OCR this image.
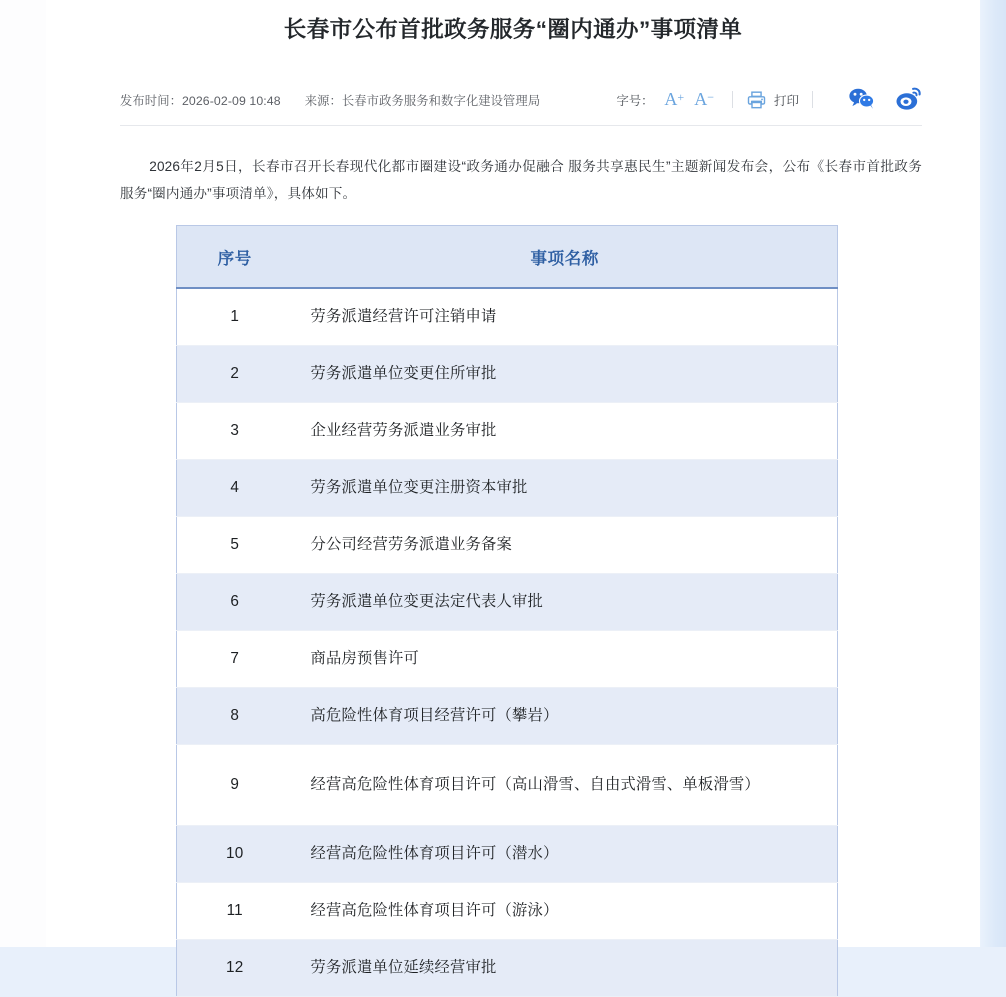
长春市公布首批政务服务“圈内通办”事项清单
发布时间：2026-02-09 10:48 来源：长春市政务服务和数字化建设管理局	字号： A+ A−	打印

2026年2月5日，长春市召开长春现代化都市圈建设“政务通办促融合 服务共享惠民生”主题新闻发布会，公布《长春市首批政务服务“圈内通办”事项清单》，具体如下。

序号	事项名称
1	劳务派遣经营许可注销申请
2	劳务派遣单位变更住所审批
3	企业经营劳务派遣业务审批
4	劳务派遣单位变更注册资本审批
5	分公司经营劳务派遣业务备案
6	劳务派遣单位变更法定代表人审批
7	商品房预售许可
8	高危险性体育项目经营许可（攀岩）
9	经营高危险性体育项目许可（高山滑雪、自由式滑雪、单板滑雪）
10	经营高危险性体育项目许可（潜水）
11	经营高危险性体育项目许可（游泳）
12	劳务派遣单位延续经营审批
